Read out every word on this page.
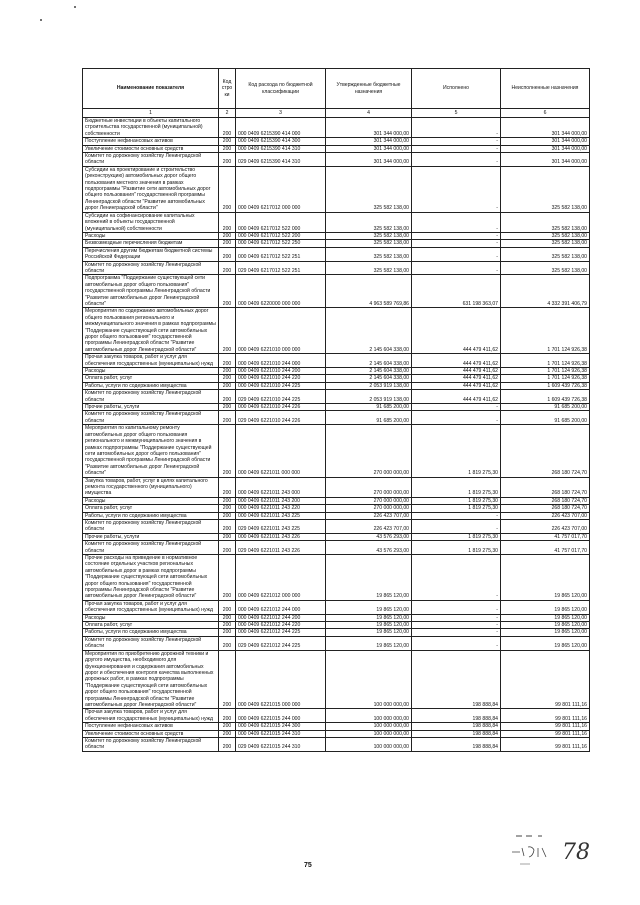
Наименование показателя	Код стро ки	Код расхода по бюджетной классификации	Утвержденные бюджетные назначения	Исполнено	Неисполненные назначения
1	2	3	4	5	6
Бюджетные инвестиции в объекты капитального строительства государственной (муниципальной) собственности	200	000 0409 6215390 414 000	301 344 000,00	-	301 344 000,00
Поступление нефинансовых активов	200	000 0409 6215390 414 300	301 344 000,00	-	301 344 000,00
Увеличение стоимости основных средств	200	000 0409 6215390 414 310	301 344 000,00	-	301 344 000,00
Комитет по дорожному хозяйству Ленинградской области	200	029 0409 6215390 414 310	301 344 000,00	-	301 344 000,00
Субсидии на проектирование и строительство (реконструкцию) автомобильных дорог общего пользования местного значения в рамках подпрограммы "Развитие сети автомобильных дорог общего пользования" государственной программы Ленинградской области "Развитие автомобильных дорог Ленинградской области"	200	000 0409 6217012 000 000	325 582 138,00	-	325 582 138,00
Субсидии на софинансирование капитальных вложений в объекты государственной (муниципальной) собственности	200	000 0409 6217012 522 000	325 582 138,00	-	325 582 138,00
Расходы	200	000 0409 6217012 522 200	325 582 138,00	-	325 582 138,00
Безвозмездные перечисления бюджетам	200	000 0409 6217012 522 250	325 582 138,00	-	325 582 138,00
Перечисления другим бюджетам бюджетной системы Российской Федерации	200	000 0409 6217012 522 251	325 582 138,00	-	325 582 138,00
Комитет по дорожному хозяйству Ленинградской области	200	029 0409 6217012 522 251	325 582 138,00	-	325 582 138,00
Подпрограмма "Поддержание существующей сети автомобильных дорог общего пользования" государственной программы Ленинградской области "Развитие автомобильных дорог Ленинградской области"	200	000 0409 6220000 000 000	4 963 589 769,86	631 198 363,07	4 332 391 406,79
Мероприятия по содержанию автомобильных дорог общего пользования регионального и межмуниципального значения в рамках подпрограммы "Поддержание существующей сети автомобильных дорог общего пользования" государственной программы Ленинградской области "Развитие автомобильных дорог Ленинградской области"	200	000 0409 6221010 000 000	2 145 604 338,00	444 479 411,62	1 701 124 926,38
Прочая закупка товаров, работ и услуг для обеспечения государственных (муниципальных) нужд	200	000 0409 6221010 244 000	2 145 604 338,00	444 479 411,62	1 701 124 926,38
Расходы	200	000 0409 6221010 244 200	2 145 604 338,00	444 479 411,62	1 701 124 926,38
Оплата работ, услуг	200	000 0409 6221010 244 220	2 145 604 338,00	444 479 411,62	1 701 124 926,38
Работы, услуги по содержанию имущества	200	000 0409 6221010 244 225	2 053 919 138,00	444 479 411,62	1 609 439 726,38
Комитет по дорожному хозяйству Ленинградской области	200	029 0409 6221010 244 225	2 053 919 138,00	444 479 411,62	1 609 439 726,38
Прочие работы, услуги	200	000 0409 6221010 244 226	91 685 200,00	-	91 685 200,00
Комитет по дорожному хозяйству Ленинградской области	200	029 0409 6221010 244 226	91 685 200,00	-	91 685 200,00
Мероприятия по капитальному ремонту автомобильных дорог общего пользования регионального и межмуниципального значения в рамках подпрограммы "Поддержание существующей сети автомобильных дорог общего пользования" государственной программы Ленинградской области "Развитие автомобильных дорог Ленинградской области"	200	000 0409 6221011 000 000	270 000 000,00	1 819 275,30	268 180 724,70
Закупка товаров, работ, услуг в целях капитального ремонта государственного (муниципального) имущества	200	000 0409 6221011 243 000	270 000 000,00	1 819 275,30	268 180 724,70
Расходы	200	000 0409 6221011 243 200	270 000 000,00	1 819 275,30	268 180 724,70
Оплата работ, услуг	200	000 0409 6221011 243 220	270 000 000,00	1 819 275,30	268 180 724,70
Работы, услуги по содержанию имущества	200	000 0409 6221011 243 225	226 423 707,00	-	226 423 707,00
Комитет по дорожному хозяйству Ленинградской области	200	029 0409 6221011 243 225	226 423 707,00	-	226 423 707,00
Прочие работы, услуги	200	000 0409 6221011 243 226	43 576 293,00	1 819 275,30	41 757 017,70
Комитет по дорожному хозяйству Ленинградской области	200	029 0409 6221011 243 226	43 576 293,00	1 819 275,30	41 757 017,70
Прочие расходы на приведение в нормативное состояние отдельных участков региональных автомобильных дорог в рамках подпрограммы "Поддержание существующей сети автомобильных дорог общего пользования" государственной программы Ленинградской области "Развитие автомобильных дорог Ленинградской области"	200	000 0409 6221012 000 000	19 865 120,00	-	19 865 120,00
Прочая закупка товаров, работ и услуг для обеспечения государственных (муниципальных) нужд	200	000 0409 6221012 244 000	19 865 120,00	-	19 865 120,00
Расходы	200	000 0409 6221012 244 200	19 865 120,00	-	19 865 120,00
Оплата работ, услуг	200	000 0409 6221012 244 220	19 865 120,00	-	19 865 120,00
Работы, услуги по содержанию имущества	200	000 0409 6221012 244 225	19 865 120,00	-	19 865 120,00
Комитет по дорожному хозяйству Ленинградской области	200	029 0409 6221012 244 225	19 865 120,00	-	19 865 120,00
Мероприятия по приобретению дорожной техники и другого имущества, необходимого для функционирования и содержания автомобильных дорог и обеспечения контроля качества выполненных дорожных работ, в рамках подпрограммы "Поддержание существующей сети автомобильных дорог общего пользования" государственной программы Ленинградской области "Развитие автомобильных дорог Ленинградской области"	200	000 0409 6221015 000 000	100 000 000,00	198 888,84	99 801 111,16
Прочая закупка товаров, работ и услуг для обеспечения государственных (муниципальных) нужд	200	000 0409 6221015 244 000	100 000 000,00	198 888,84	99 801 111,16
Поступление нефинансовых активов	200	000 0409 6221015 244 300	100 000 000,00	198 888,84	99 801 111,16
Увеличение стоимости основных средств	200	000 0409 6221015 244 310	100 000 000,00	198 888,84	99 801 111,16
Комитет по дорожному хозяйству Ленинградской области	200	029 0409 6221015 244 310	100 000 000,00	198 888,84	99 801 111,16
75
78
